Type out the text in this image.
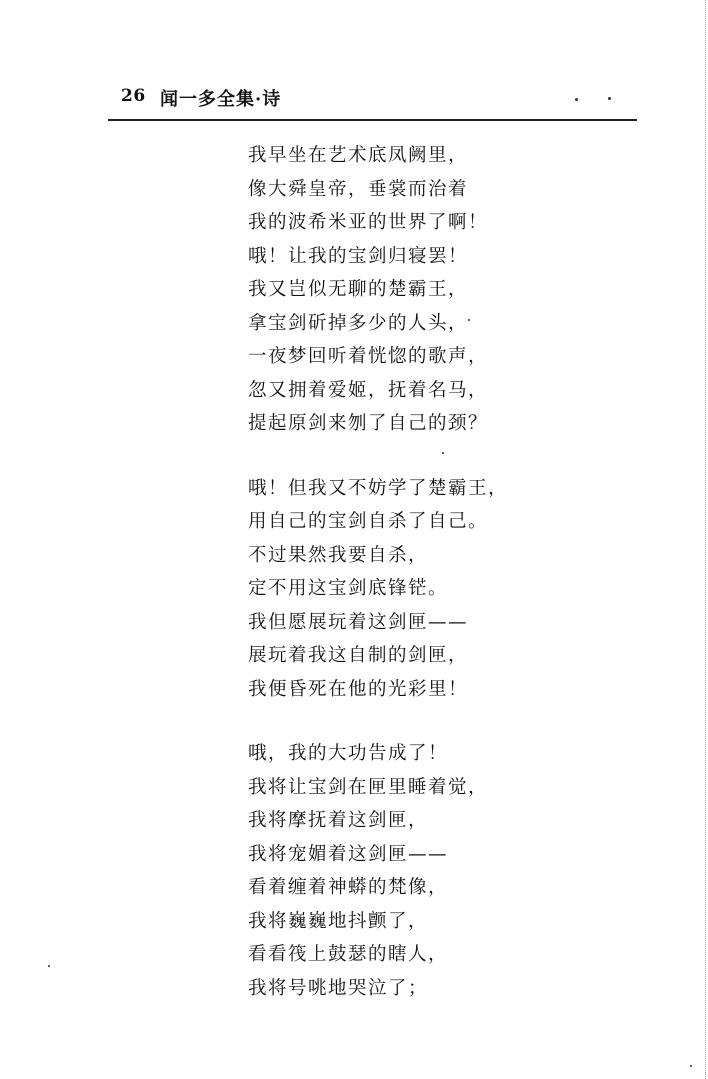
26 闻一多全集·诗
我早坐在艺术底凤阙里，
像大舜皇帝，垂裳而治着
我的波希米亚的世界了啊！
哦！让我的宝剑归寝罢！
我又岂似无聊的楚霸王，
拿宝剑斫掉多少的人头，
一夜梦回听着恍惚的歌声，
忽又拥着爱姬，抚着名马，
提起原剑来刎了自己的颈？
哦！但我又不妨学了楚霸王，
用自己的宝剑自杀了自己。
不过果然我要自杀，
定不用这宝剑底锋铓。
我但愿展玩着这剑匣——
展玩着我这自制的剑匣，
我便昏死在他的光彩里！
哦，我的大功告成了！
我将让宝剑在匣里睡着觉，
我将摩抚着这剑匣，
我将宠媚着这剑匣——
看着缠着神蟒的梵像，
我将巍巍地抖颤了，
看看筏上鼓瑟的瞎人，
我将号咷地哭泣了；
